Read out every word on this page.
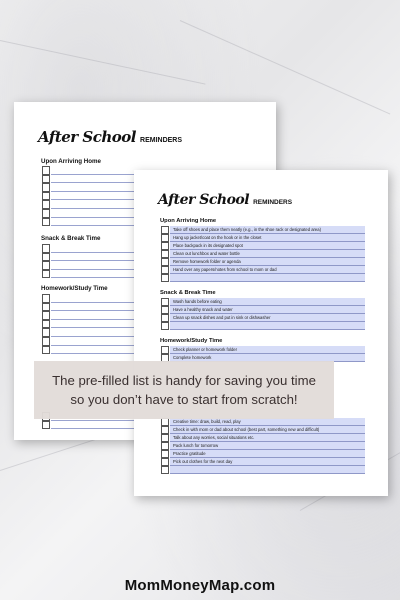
After School REMINDERS
Upon Arriving Home
Snack & Break Time
Homework/Study Time
After School REMINDERS
Upon Arriving Home
Take off shoes and place them neatly (e.g., in the shoe rack or designated area)
Hang up jacket/coat on the hook or in the closet
Place backpack in its designated spot
Clean out lunchbox and water bottle
Remove homework folder or agenda
Hand over any papers/notes from school to mom or dad
Snack & Break Time
Wash hands before eating
Have a healthy snack and water
Clean up snack dishes and put in sink or dishwasher
Homework/Study Time
Check planner or homework folder
Complete homework
Creative time: draw, build, read, play
Check in with mom or dad about school (best part, something new and difficult)
Talk about any worries, social situations etc.
Pack lunch for tomorrow
Practice gratitude
Pick out clothes for the next day
The pre-filled list is handy for saving you time so you don’t have to start from scratch!
MomMoneyMap.com
